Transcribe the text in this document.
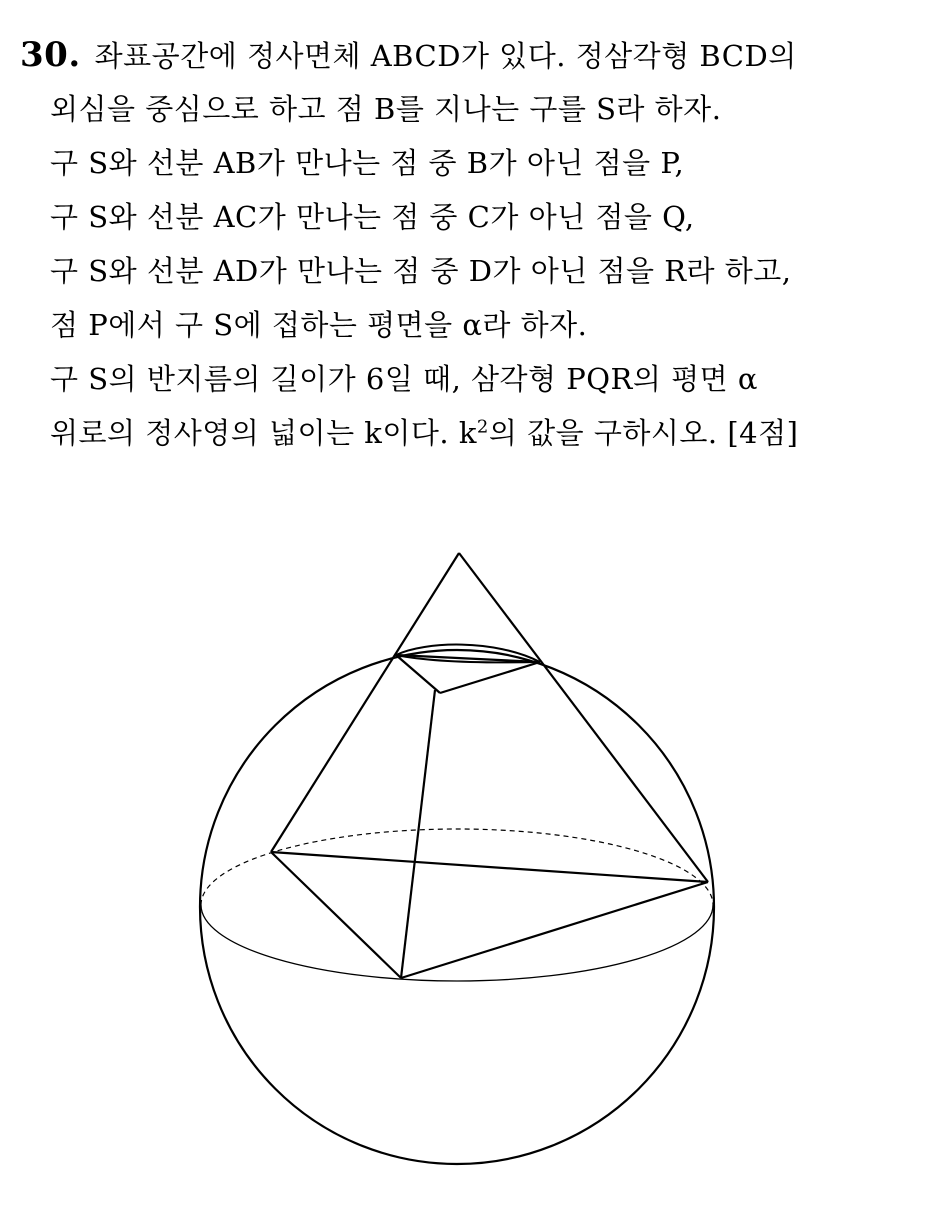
30. 좌표공간에 정사면체 ABCD가 있다. 정삼각형 BCD의
외심을 중심으로 하고 점 B를 지나는 구를 S라 하자.
구 S와 선분 AB가 만나는 점 중 B가 아닌 점을 P,
구 S와 선분 AC가 만나는 점 중 C가 아닌 점을 Q,
구 S와 선분 AD가 만나는 점 중 D가 아닌 점을 R라 하고,
점 P에서 구 S에 접하는 평면을 α라 하자.
구 S의 반지름의 길이가 6일 때, 삼각형 PQR의 평면 α
위로의 정사영의 넓이는 k이다. $k^2$의 값을 구하시오. [4점]
